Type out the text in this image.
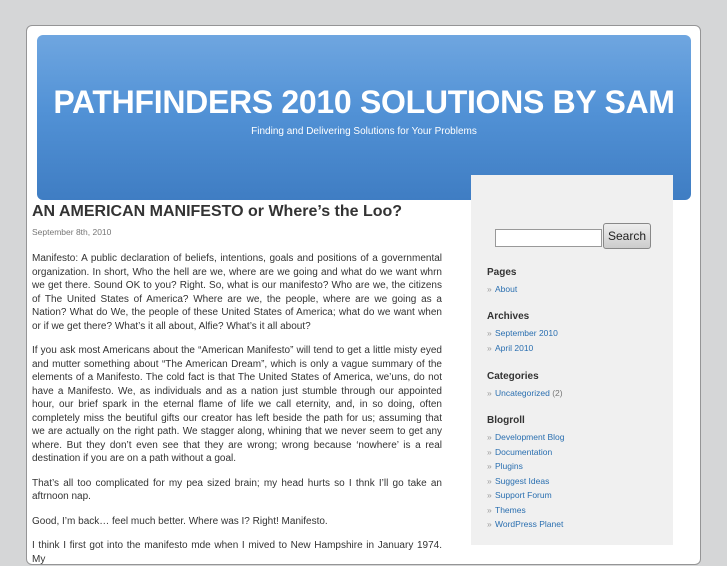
PATHFINDERS 2010 SOLUTIONS BY SAM
Finding and Delivering Solutions for Your Problems
AN AMERICAN MANIFESTO or Where’s the Loo?
September 8th, 2010

Manifesto: A public declaration of beliefs, intentions, goals and positions of a governmental organization. In short, Who the hell are we, where are we going and what do we want whrn we get there. Sound OK to you? Right. So, what is our manifesto? Who are we, the citizens of The United States of America? Where are we, the people, where are we going as a Nation? What do We, the people of these United States of America; what do we want when or if we get there? What’s it all about, Alfie? What’s it all about?

If you ask most Americans about the “American Manifesto” will tend to get a little misty eyed and mutter something about “The American Dream”, which is only a vague summary of the elements of a Manifesto. The cold fact is that The United States of America, we’uns, do not have a Manifesto. We, as individuals and as a nation just stumble through our appointed hour, our brief spark in the eternal flame of life we call eternity, and, in so doing, often completely miss the beutiful gifts our creator has left beside the path for us; assuming that we are actually on the right path. We stagger along, whining that we never seem to get any where. But they don’t even see that they are wrong; wrong because ‘nowhere’ is a real destination if you are on a path without a goal.

That’s all too complicated for my pea sized brain; my head hurts so I thnk I’ll go take an aftrnoon nap.

Good, I’m back… feel much better. Where was I? Right! Manifesto.

I think I first got into the manifesto mde when I mived to New Hampshire in January 1974. My

Search
Pages
» About
Archives
» September 2010
» April 2010
Categories
» Uncategorized (2)
Blogroll
» Development Blog
» Documentation
» Plugins
» Suggest Ideas
» Support Forum
» Themes
» WordPress Planet
